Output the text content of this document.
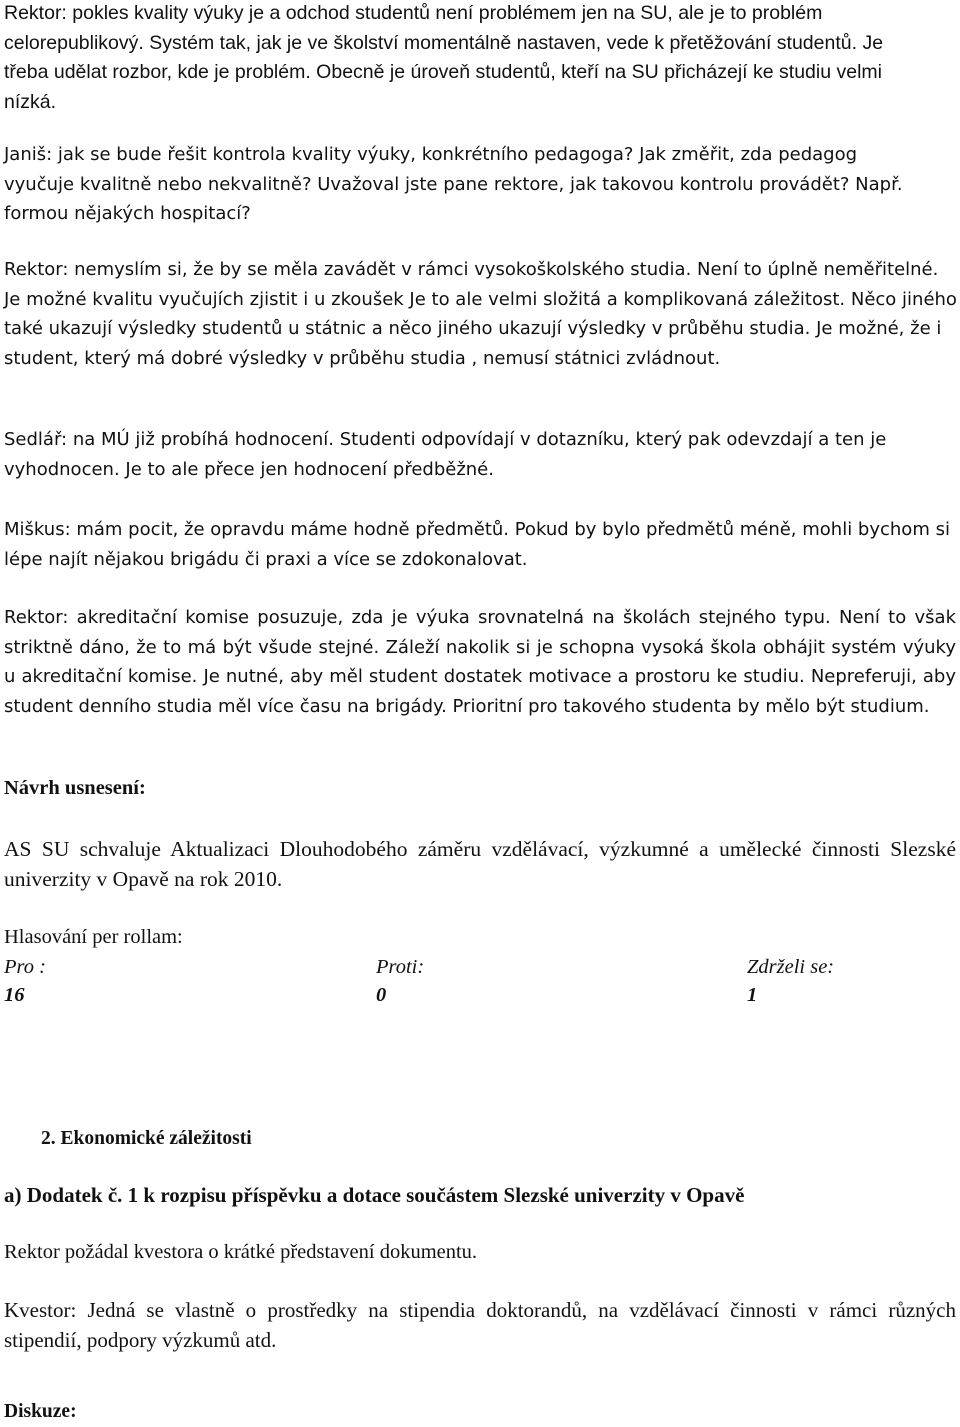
Rektor: pokles kvality výuky je a odchod studentů není problémem jen na SU, ale je to problém celorepublikový. Systém tak, jak je ve školství momentálně nastaven, vede k přetěžování studentů. Je třeba udělat rozbor, kde je problém. Obecně je úroveň studentů, kteří na SU přicházejí ke studiu velmi nízká.

Janiš: jak se bude řešit kontrola kvality výuky, konkrétního pedagoga? Jak změřit, zda pedagog vyučuje kvalitně nebo nekvalitně? Uvažoval jste pane rektore, jak takovou kontrolu provádět? Např. formou nějakých hospitací?

Rektor: nemyslím si, že by se měla zavádět v rámci vysokoškolského studia. Není to úplně neměřitelné. Je možné kvalitu vyučujích zjistit i u zkoušek Je to ale velmi složitá a komplikovaná záležitost. Něco jiného také ukazují výsledky studentů u státnic a něco jiného ukazují výsledky v průběhu studia. Je možné, že i student, který má dobré výsledky v průběhu studia , nemusí státnici zvládnout.

Sedlář: na MÚ již probíhá hodnocení. Studenti odpovídají v dotazníku, který pak odevzdají a ten je vyhodnocen. Je to ale přece jen hodnocení předběžné.

Miškus: mám pocit, že opravdu máme hodně předmětů. Pokud by bylo předmětů méně, mohli bychom si lépe najít nějakou brigádu či praxi a více se zdokonalovat.

Rektor: akreditační komise posuzuje, zda je výuka srovnatelná na školách stejného typu. Není to však striktně dáno, že to má být všude stejné. Záleží nakolik si je schopna vysoká škola obhájit systém výuky u akreditační komise. Je nutné, aby měl student dostatek motivace a prostoru ke studiu. Nepreferuji, aby student denního studia měl více času na brigády. Prioritní pro takového studenta by mělo být studium.

Návrh usnesení:

AS SU schvaluje Aktualizaci Dlouhodobého záměru vzdělávací, výzkumné a umělecké činnosti Slezské univerzity v Opavě na rok 2010.

Hlasování per rollam:

Pro :	Proti:	Zdrželi se:
16	0	1

2. Ekonomické záležitosti

a) Dodatek č. 1 k rozpisu příspěvku a dotace součástem Slezské univerzity v Opavě

Rektor požádal kvestora o krátké představení dokumentu.

Kvestor: Jedná se vlastně o prostředky na stipendia doktorandů, na vzdělávací činnosti v rámci různých stipendií, podpory výzkumů atd.

Diskuze:
